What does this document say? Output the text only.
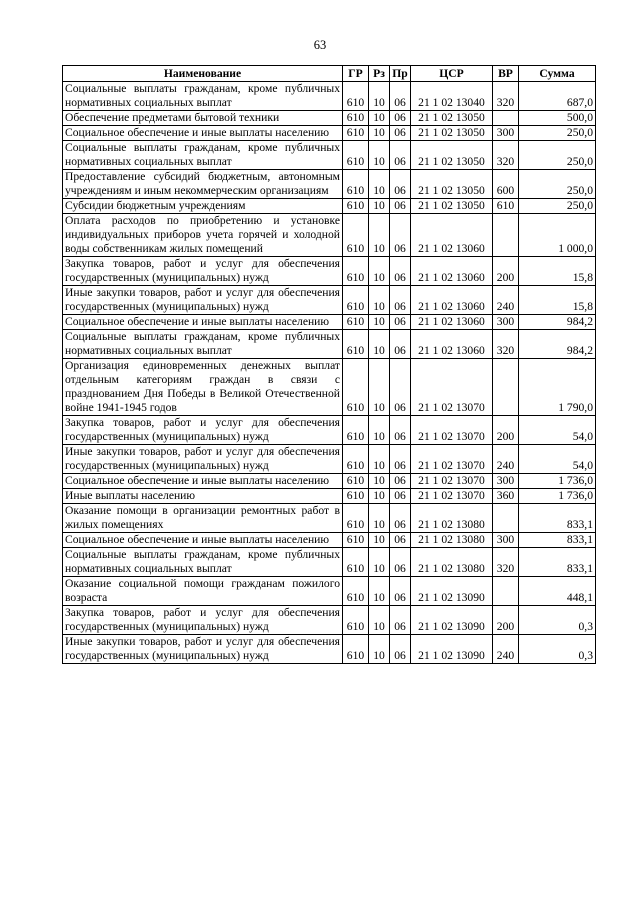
63
Наименование	ГР	Рз	Пр	ЦСР	ВР	Сумма
Социальные выплаты гражданам, кроме публичных нормативных социальных выплат	610	10	06	21 1 02 13040	320	687,0
Обеспечение предметами бытовой техники	610	10	06	21 1 02 13050		500,0
Социальное обеспечение и иные выплаты населению	610	10	06	21 1 02 13050	300	250,0
Социальные выплаты гражданам, кроме публичных нормативных социальных выплат	610	10	06	21 1 02 13050	320	250,0
Предоставление субсидий бюджетным, автономным учреждениям и иным некоммерческим организациям	610	10	06	21 1 02 13050	600	250,0
Субсидии бюджетным учреждениям	610	10	06	21 1 02 13050	610	250,0
Оплата расходов по приобретению и установке индивидуальных приборов учета горячей и холодной воды собственникам жилых помещений	610	10	06	21 1 02 13060		1 000,0
Закупка товаров, работ и услуг для обеспечения государственных (муниципальных) нужд	610	10	06	21 1 02 13060	200	15,8
Иные закупки товаров, работ и услуг для обеспечения государственных (муниципальных) нужд	610	10	06	21 1 02 13060	240	15,8
Социальное обеспечение и иные выплаты населению	610	10	06	21 1 02 13060	300	984,2
Социальные выплаты гражданам, кроме публичных нормативных социальных выплат	610	10	06	21 1 02 13060	320	984,2
Организация единовременных денежных выплат отдельным категориям граждан в связи с празднованием Дня Победы в Великой Отечественной войне 1941-1945 годов	610	10	06	21 1 02 13070		1 790,0
Закупка товаров, работ и услуг для обеспечения государственных (муниципальных) нужд	610	10	06	21 1 02 13070	200	54,0
Иные закупки товаров, работ и услуг для обеспечения государственных (муниципальных) нужд	610	10	06	21 1 02 13070	240	54,0
Социальное обеспечение и иные выплаты населению	610	10	06	21 1 02 13070	300	1 736,0
Иные выплаты населению	610	10	06	21 1 02 13070	360	1 736,0
Оказание помощи в организации ремонтных работ в жилых помещениях	610	10	06	21 1 02 13080		833,1
Социальное обеспечение и иные выплаты населению	610	10	06	21 1 02 13080	300	833,1
Социальные выплаты гражданам, кроме публичных нормативных социальных выплат	610	10	06	21 1 02 13080	320	833,1
Оказание социальной помощи гражданам пожилого возраста	610	10	06	21 1 02 13090		448,1
Закупка товаров, работ и услуг для обеспечения государственных (муниципальных) нужд	610	10	06	21 1 02 13090	200	0,3
Иные закупки товаров, работ и услуг для обеспечения государственных (муниципальных) нужд	610	10	06	21 1 02 13090	240	0,3
